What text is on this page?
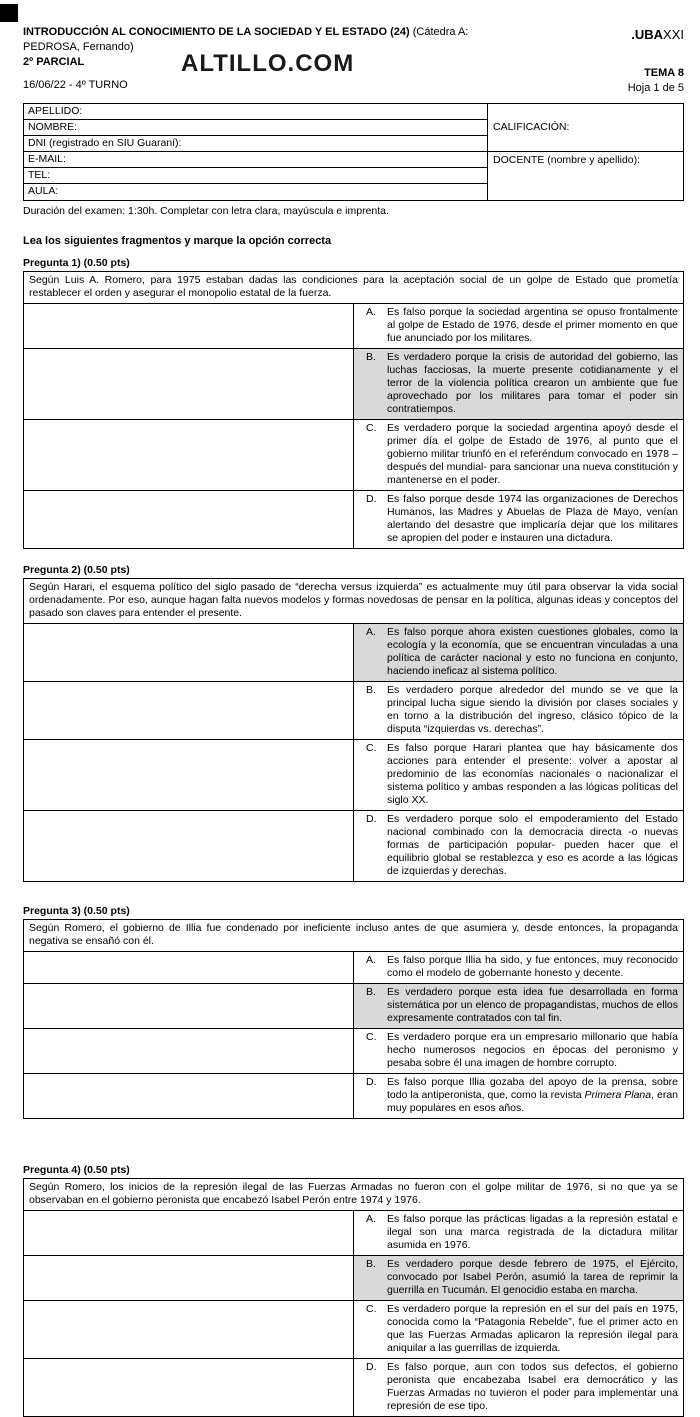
INTRODUCCIÓN AL CONOCIMIENTO DE LA SOCIEDAD Y EL ESTADO (24) (Cátedra A: PEDROSA, Fernando)
2º PARCIAL
16/06/22 - 4º TURNO
ALTILLO.COM
.UBAXXI
TEMA 8
Hoja 1 de 5
APELLIDO:
CALIFICACIÓN:
NOMBRE:
DNI (registrado en SIU Guaraní):
E-MAIL:	DOCENTE (nombre y apellido):
TEL:
AULA:
Duración del examen: 1:30h. Completar con letra clara, mayúscula e imprenta.
Lea los siguientes fragmentos y marque la opción correcta
Pregunta 1) (0.50 pts)
Según Luis A. Romero, para 1975 estaban dadas las condiciones para la aceptación social de un golpe de Estado que prometía restablecer el orden y asegurar el monopolio estatal de la fuerza.	

	A. Es falso porque la sociedad argentina se opuso frontalmente al golpe de Estado de 1976, desde el primer momento en que fue anunciado por los militares.

	B. Es verdadero porque la crisis de autoridad del gobierno, las luchas facciosas, la muerte presente cotidianamente y el terror de la violencia política crearon un ambiente que fue aprovechado por los militares para tomar el poder sin contratiempos.

	C. Es verdadero porque la sociedad argentina apoyó desde el primer día el golpe de Estado de 1976, al punto que el gobierno militar triunfó en el referéndum convocado en 1978 –después del mundial- para sancionar una nueva constitución y mantenerse en el poder.

	D. Es falso porque desde 1974 las organizaciones de Derechos Humanos, las Madres y Abuelas de Plaza de Mayo, venían alertando del desastre que implicaría dejar que los militares se apropien del poder e instauren una dictadura.
Pregunta 2) (0.50 pts)
Según Harari, el esquema político del siglo pasado de “derecha versus izquierda” es actualmente muy útil para observar la vida social ordenadamente. Por eso, aunque hagan falta nuevos modelos y formas novedosas de pensar en la política, algunas ideas y conceptos del pasado son claves para entender el presente.	

	A. Es falso porque ahora existen cuestiones globales, como la ecología y la economía, que se encuentran vinculadas a una política de carácter nacional y esto no funciona en conjunto, haciendo ineficaz al sistema político.

	B. Es verdadero porque alrededor del mundo se ve que la principal lucha sigue siendo la división por clases sociales y en torno a la distribución del ingreso, clásico tópico de la disputa “izquierdas vs. derechas”.

	C. Es falso porque Harari plantea que hay básicamente dos acciones para entender el presente: volver a apostar al predominio de las economías nacionales o nacionalizar el sistema político y ambas responden a las lógicas políticas del siglo XX.

	D. Es verdadero porque solo el empoderamiento del Estado nacional combinado con la democracia directa -o nuevas formas de participación popular- pueden hacer que el equilibrio global se restablezca y eso es acorde a las lógicas de izquierdas y derechas.
Pregunta 3) (0.50 pts)
Según Romero, el gobierno de Illia fue condenado por ineficiente incluso antes de que asumiera y, desde entonces, la propaganda negativa se ensañó con él.	

	A. Es falso porque Illia ha sido, y fue entonces, muy reconocido como el modelo de gobernante honesto y decente.

	B. Es verdadero porque esta idea fue desarrollada en forma sistemática por un elenco de propagandistas, muchos de ellos expresamente contratados con tal fin.

	C. Es verdadero porque era un empresario millonario que había hecho numerosos negocios en épocas del peronismo y pesaba sobre él una imagen de hombre corrupto.

	D. Es falso porque Illia gozaba del apoyo de la prensa, sobre todo la antiperonista, que, como la revista Primera Plana, eran muy populares en esos años.
Pregunta 4) (0.50 pts)
Según Romero, los inicios de la represión ilegal de las Fuerzas Armadas no fueron con el golpe militar de 1976, si no que ya se observaban en el gobierno peronista que encabezó Isabel Perón entre 1974 y 1976.	

	A. Es falso porque las prácticas ligadas a la represión estatal e ilegal son una marca registrada de la dictadura militar asumida en 1976.

	B. Es verdadero porque desde febrero de 1975, el Ejército, convocado por Isabel Perón, asumió la tarea de reprimir la guerrilla en Tucumán. El genocidio estaba en marcha.

	C. Es verdadero porque la represión en el sur del país en 1975, conocida como la “Patagonia Rebelde”, fue el primer acto en que las Fuerzas Armadas aplicaron la represión ilegal para aniquilar a las guerrillas de izquierda.

	D. Es falso porque, aun con todos sus defectos, el gobierno peronista que encabezaba Isabel era democrático y las Fuerzas Armadas no tuvieron el poder para implementar una represión de ese tipo.
